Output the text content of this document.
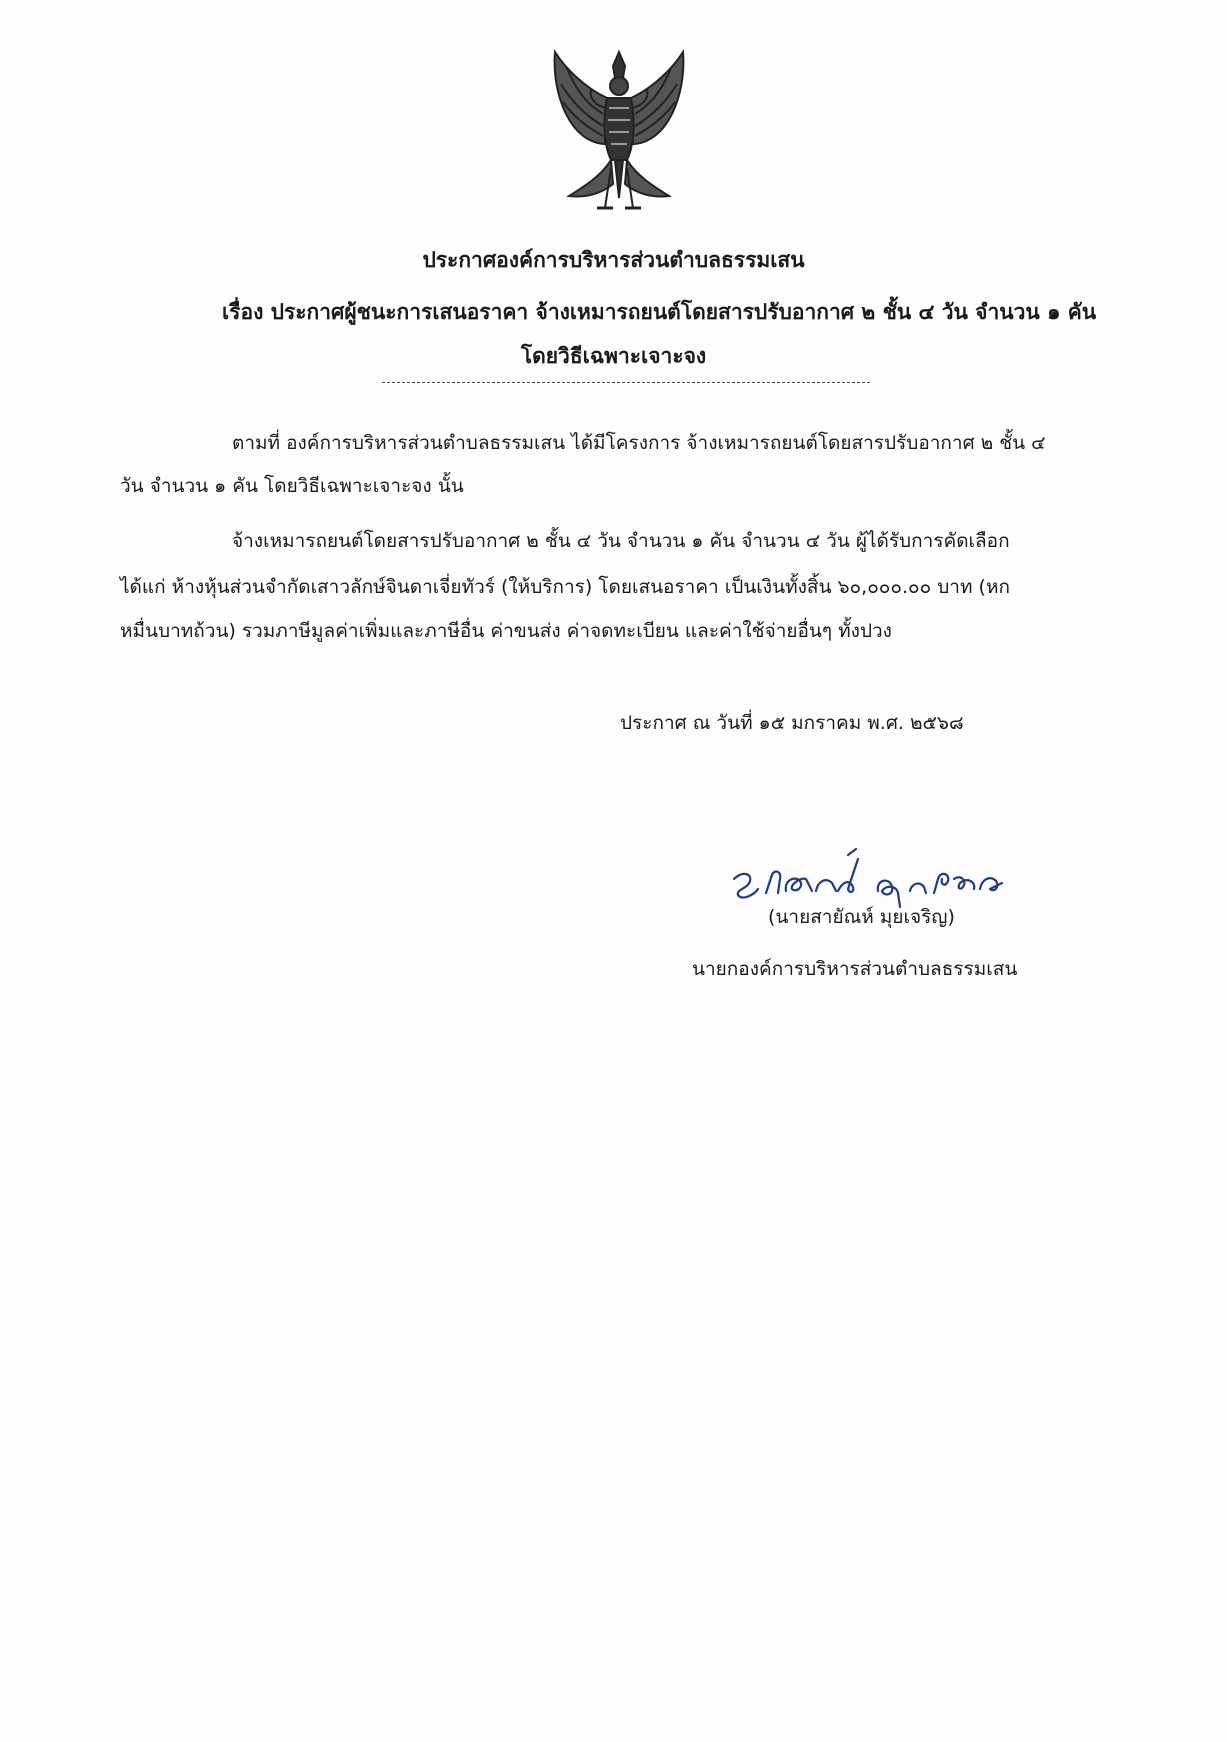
ประกาศองค์การบริหารส่วนตำบลธรรมเสน
เรื่อง ประกาศผู้ชนะการเสนอราคา จ้างเหมารถยนต์โดยสารปรับอากาศ ๒ ชั้น ๔ วัน จำนวน ๑ คัน
โดยวิธีเฉพาะเจาะจง
ตามที่ องค์การบริหารส่วนตำบลธรรมเสน ได้มีโครงการ จ้างเหมารถยนต์โดยสารปรับอากาศ ๒ ชั้น ๔
วัน จำนวน ๑ คัน โดยวิธีเฉพาะเจาะจง นั้น
จ้างเหมารถยนต์โดยสารปรับอากาศ ๒ ชั้น ๔ วัน จำนวน ๑ คัน จำนวน ๔ วัน ผู้ได้รับการคัดเลือก
ได้แก่ ห้างหุ้นส่วนจำกัดเสาวลักษ์จินดาเจี่ยทัวร์ (ให้บริการ) โดยเสนอราคา เป็นเงินทั้งสิ้น ๖๐,๐๐๐.๐๐ บาท (หก
หมื่นบาทถ้วน) รวมภาษีมูลค่าเพิ่มและภาษีอื่น ค่าขนส่ง ค่าจดทะเบียน และค่าใช้จ่ายอื่นๆ ทั้งปวง
ประกาศ ณ วันที่ ๑๕ มกราคม พ.ศ. ๒๕๖๘
(นายสายัณห์ มุยเจริญ)
นายกองค์การบริหารส่วนตำบลธรรมเสน
